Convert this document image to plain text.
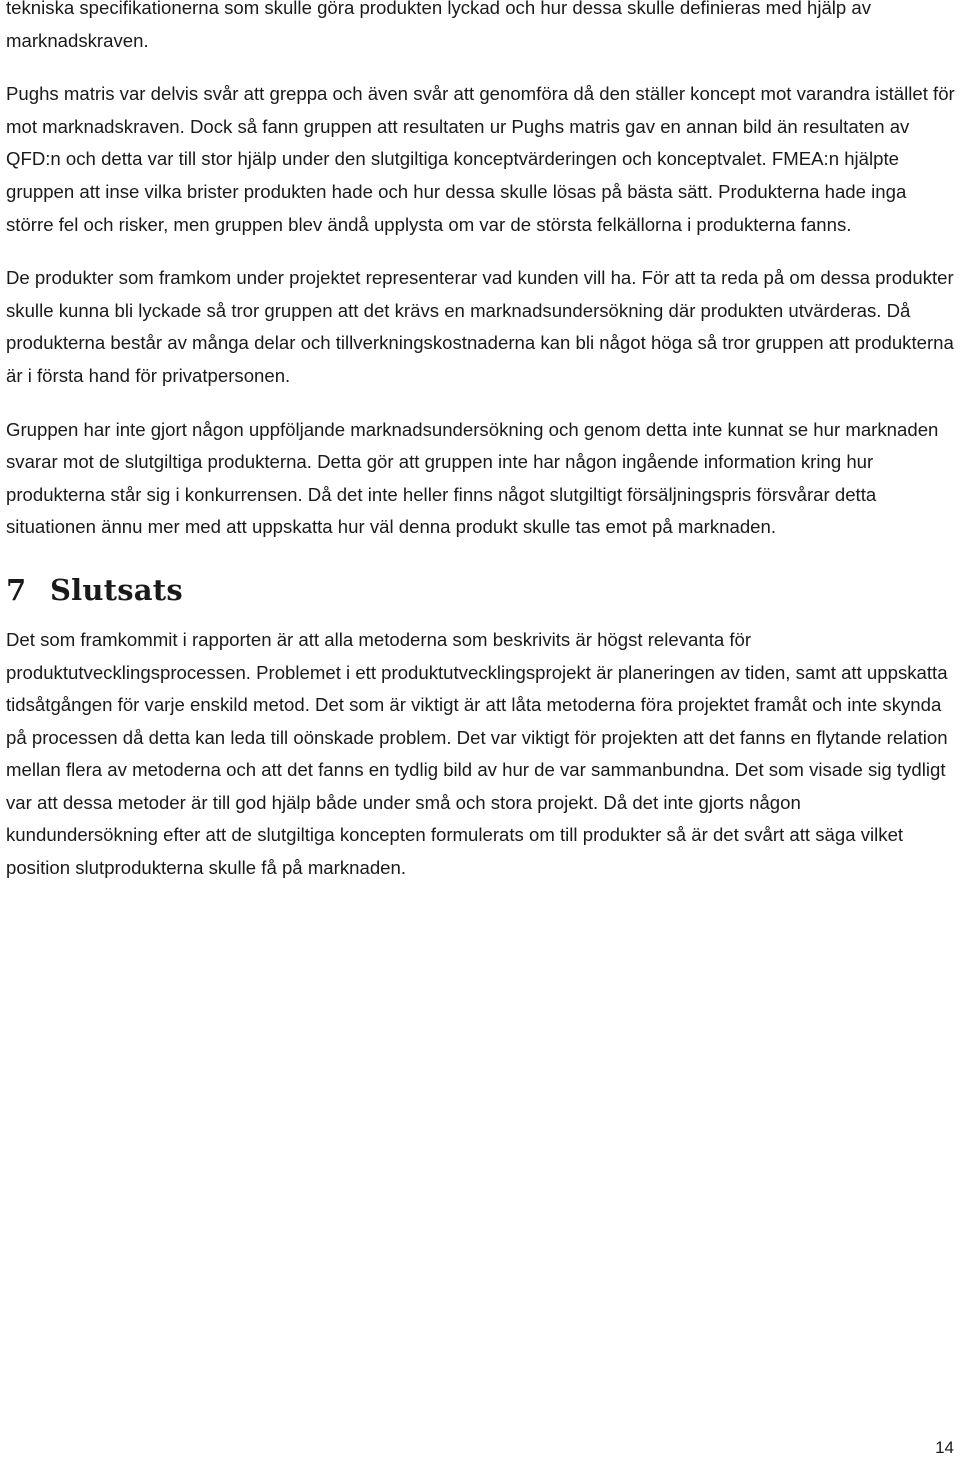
tekniska specifikationerna som skulle göra produkten lyckad och hur dessa skulle definieras med hjälp av marknadskraven.

Pughs matris var delvis svår att greppa och även svår att genomföra då den ställer koncept mot varandra istället för mot marknadskraven. Dock så fann gruppen att resultaten ur Pughs matris gav en annan bild än resultaten av QFD:n och detta var till stor hjälp under den slutgiltiga konceptvärderingen och konceptvalet. FMEA:n hjälpte gruppen att inse vilka brister produkten hade och hur dessa skulle lösas på bästa sätt. Produkterna hade inga större fel och risker, men gruppen blev ändå upplysta om var de största felkällorna i produkterna fanns.

De produkter som framkom under projektet representerar vad kunden vill ha. För att ta reda på om dessa produkter skulle kunna bli lyckade så tror gruppen att det krävs en marknadsundersökning där produkten utvärderas. Då produkterna består av många delar och tillverkningskostnaderna kan bli något höga så tror gruppen att produkterna är i första hand för privatpersonen.

Gruppen har inte gjort någon uppföljande marknadsundersökning och genom detta inte kunnat se hur marknaden svarar mot de slutgiltiga produkterna. Detta gör att gruppen inte har någon ingående information kring hur produkterna står sig i konkurrensen. Då det inte heller finns något slutgiltigt försäljningspris försvårar detta situationen ännu mer med att uppskatta hur väl denna produkt skulle tas emot på marknaden.

7 Slutsats

Det som framkommit i rapporten är att alla metoderna som beskrivits är högst relevanta för produktutvecklingsprocessen. Problemet i ett produktutvecklingsprojekt är planeringen av tiden, samt att uppskatta tidsåtgången för varje enskild metod. Det som är viktigt är att låta metoderna föra projektet framåt och inte skynda på processen då detta kan leda till oönskade problem. Det var viktigt för projekten att det fanns en flytande relation mellan flera av metoderna och att det fanns en tydlig bild av hur de var sammanbundna. Det som visade sig tydligt var att dessa metoder är till god hjälp både under små och stora projekt. Då det inte gjorts någon kundundersökning efter att de slutgiltiga koncepten formulerats om till produkter så är det svårt att säga vilket position slutprodukterna skulle få på marknaden.

14
